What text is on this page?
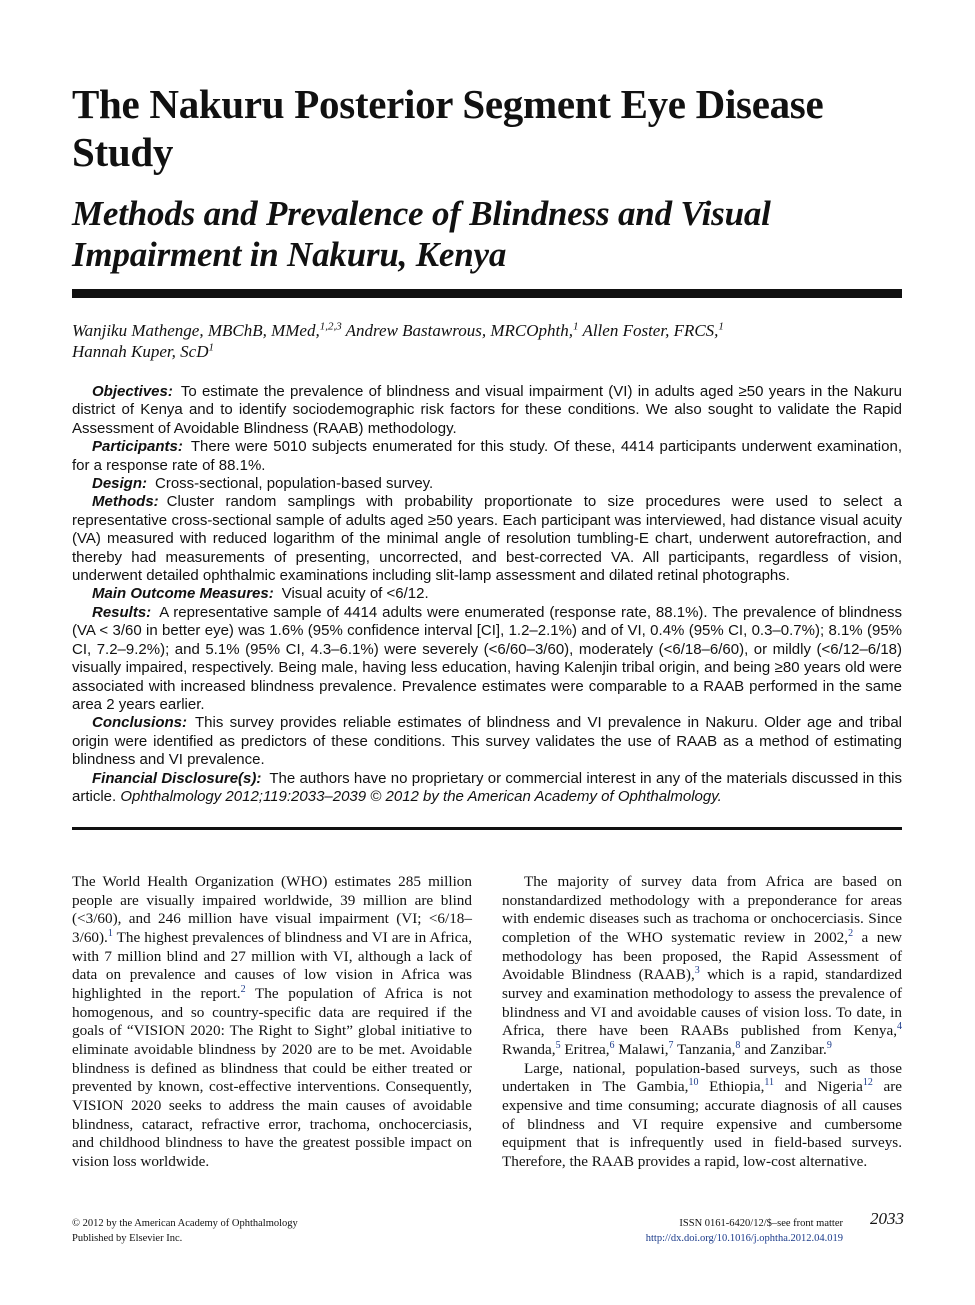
The Nakuru Posterior Segment Eye Disease Study
Methods and Prevalence of Blindness and Visual Impairment in Nakuru, Kenya
Wanjiku Mathenge, MBChB, MMed,$^{1,2,3}$ Andrew Bastawrous, MRCOphth,$^1$ Allen Foster, FRCS,$^1$
Hannah Kuper, ScD$^1$

Objectives: To estimate the prevalence of blindness and visual impairment (VI) in adults aged ≥50 years in the Nakuru district of Kenya and to identify sociodemographic risk factors for these conditions. We also sought to validate the Rapid Assessment of Avoidable Blindness (RAAB) methodology.

Participants: There were 5010 subjects enumerated for this study. Of these, 4414 participants underwent examination, for a response rate of 88.1%.

Design: Cross-sectional, population-based survey.

Methods: Cluster random samplings with probability proportionate to size procedures were used to select a representative cross-sectional sample of adults aged ≥50 years. Each participant was interviewed, had distance visual acuity (VA) measured with reduced logarithm of the minimal angle of resolution tumbling-E chart, underwent autorefraction, and thereby had measurements of presenting, uncorrected, and best-corrected VA. All participants, regardless of vision, underwent detailed ophthalmic examinations including slit-lamp assessment and dilated retinal photographs.

Main Outcome Measures: Visual acuity of <6/12.

Results: A representative sample of 4414 adults were enumerated (response rate, 88.1%). The prevalence of blindness (VA < 3/60 in better eye) was 1.6% (95% confidence interval [CI], 1.2–2.1%) and of VI, 0.4% (95% CI, 0.3–0.7%); 8.1% (95% CI, 7.2–9.2%); and 5.1% (95% CI, 4.3–6.1%) were severely (<6/60–3/60), moderately (<6/18–6/60), or mildly (<6/12–6/18) visually impaired, respectively. Being male, having less education, having Kalenjin tribal origin, and being ≥80 years old were associated with increased blindness prevalence. Prevalence estimates were comparable to a RAAB performed in the same area 2 years earlier.

Conclusions: This survey provides reliable estimates of blindness and VI prevalence in Nakuru. Older age and tribal origin were identified as predictors of these conditions. This survey validates the use of RAAB as a method of estimating blindness and VI prevalence.

Financial Disclosure(s): The authors have no proprietary or commercial interest in any of the materials discussed in this article. Ophthalmology 2012;119:2033–2039 © 2012 by the American Academy of Ophthalmology.

The World Health Organization (WHO) estimates 285 million people are visually impaired worldwide, 39 million are blind (<3/60), and 246 million have visual impairment (VI; <6/18–3/60).$^1$ The highest prevalences of blindness and VI are in Africa, with 7 million blind and 27 million with VI, although a lack of data on prevalence and causes of low vision in Africa was highlighted in the report.$^2$ The population of Africa is not homogenous, and so country-specific data are required if the goals of “VISION 2020: The Right to Sight” global initiative to eliminate avoidable blindness by 2020 are to be met. Avoidable blindness is defined as blindness that could be either treated or prevented by known, cost-effective interventions. Consequently, VISION 2020 seeks to address the main causes of avoidable blindness, cataract, refractive error, trachoma, onchocerciasis, and childhood blindness to have the greatest possible impact on vision loss worldwide.

The majority of survey data from Africa are based on nonstandardized methodology with a preponderance for areas with endemic diseases such as trachoma or onchocerciasis. Since completion of the WHO systematic review in 2002,$^2$ a new methodology has been proposed, the Rapid Assessment of Avoidable Blindness (RAAB),$^3$ which is a rapid, standardized survey and examination methodology to assess the prevalence of blindness and VI and avoidable causes of vision loss. To date, in Africa, there have been RAABs published from Kenya,$^4$ Rwanda,$^5$ Eritrea,$^6$ Malawi,$^7$ Tanzania,$^8$ and Zanzibar.$^9$

Large, national, population-based surveys, such as those undertaken in The Gambia,$^{10}$ Ethiopia,$^{11}$ and Nigeria$^{12}$ are expensive and time consuming; accurate diagnosis of all causes of blindness and VI require expensive and cumbersome equipment that is infrequently used in field-based surveys. Therefore, the RAAB provides a rapid, low-cost alternative.

© 2012 by the American Academy of Ophthalmology
Published by Elsevier Inc.
ISSN 0161-6420/12/$–see front matter
http://dx.doi.org/10.1016/j.ophtha.2012.04.019
2033
